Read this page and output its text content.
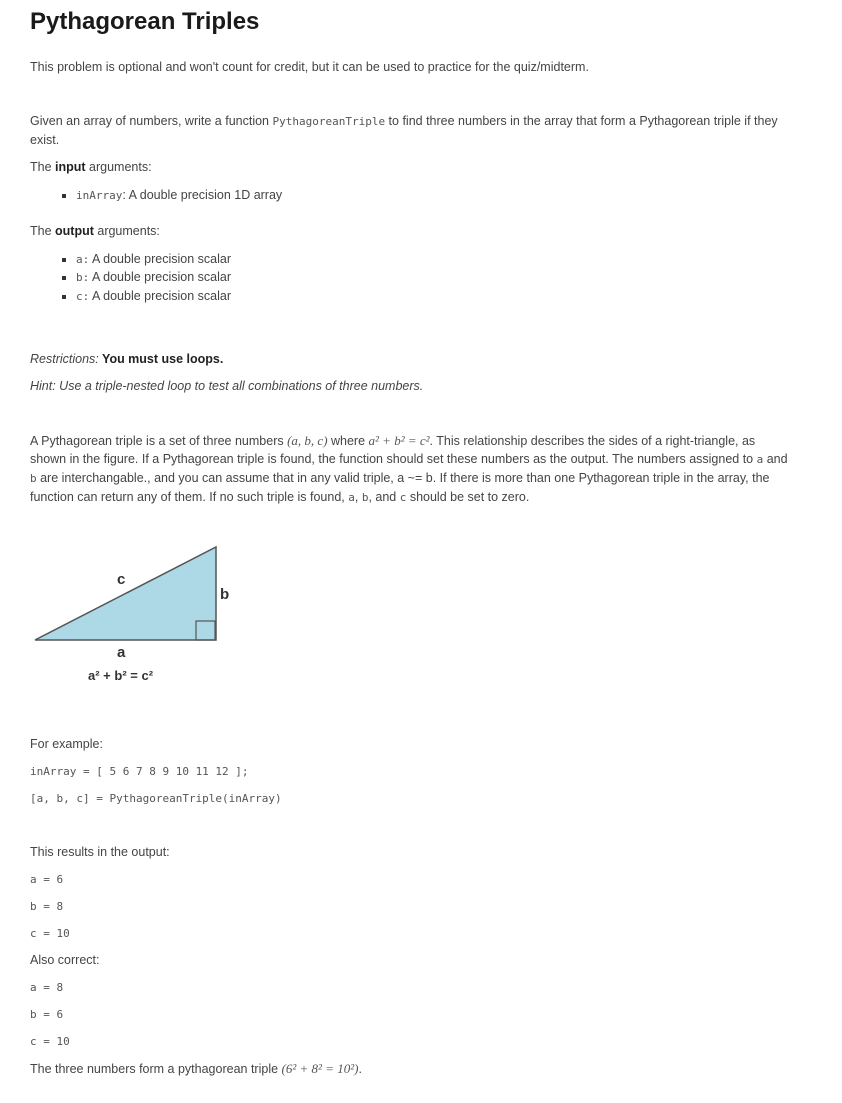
Pythagorean Triples
This problem is optional and won't count for credit, but it can be used to practice for the quiz/midterm.
Given an array of numbers, write a function PythagoreanTriple to find three numbers in the array that form a Pythagorean triple if they
exist.
The input arguments:
inArray: A double precision 1D array
The output arguments:
a: A double precision scalar
b: A double precision scalar
c: A double precision scalar
Restrictions: You must use loops.
Hint: Use a triple-nested loop to test all combinations of three numbers.
A Pythagorean triple is a set of three numbers (a, b, c) where a² + b² = c². This relationship describes the sides of a right-triangle, as
shown in the figure. If a Pythagorean triple is found, the function should set these numbers as the output. The numbers assigned to a and
b are interchangable., and you can assume that in any valid triple, a ~= b. If there is more than one Pythagorean triple in the array, the
function can return any of them. If no such triple is found, a, b, and c should be set to zero.
c
b
a
a² + b² = c²
For example:
inArray = [ 5 6 7 8 9 10 11 12 ];
[a, b, c] = PythagoreanTriple(inArray)
This results in the output:
a = 6
b = 8
c = 10
Also correct:
a = 8
b = 6
c = 10
The three numbers form a pythagorean triple (6² + 8² = 10²).
